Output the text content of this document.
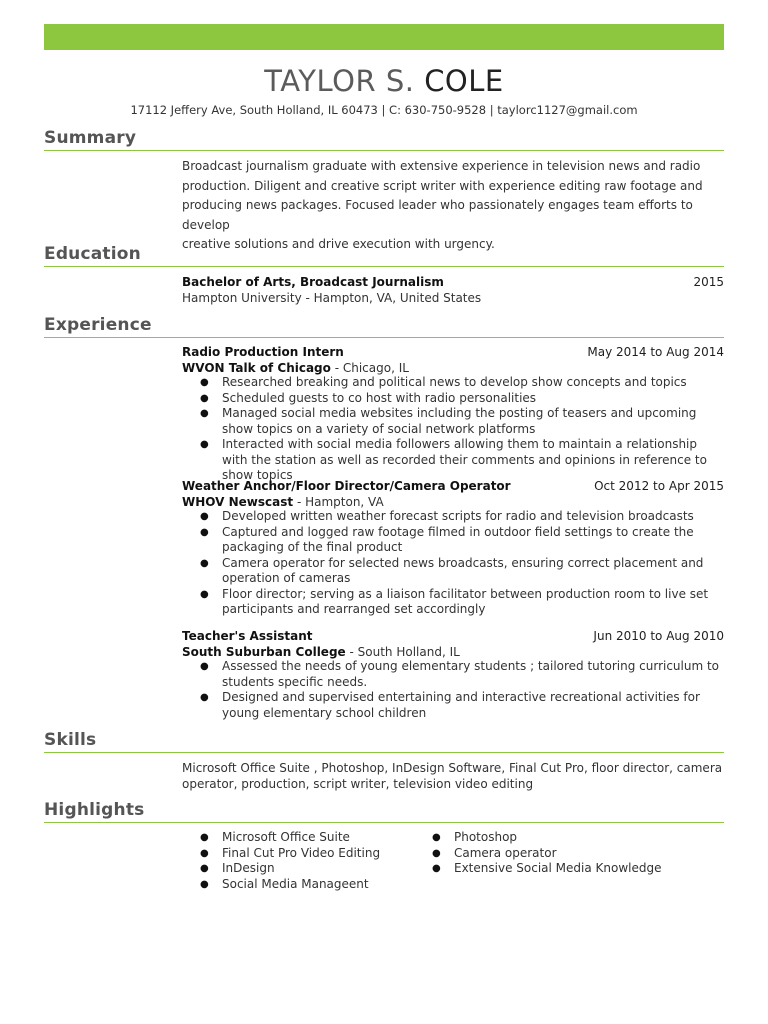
TAYLOR S. COLE
17112 Jeffery Ave, South Holland, IL 60473 | C: 630-750-9528 | taylorc1127@gmail.com
Summary
Broadcast journalism graduate with extensive experience in television news and radio
production. Diligent and creative script writer with experience editing raw footage and
producing news packages. Focused leader who passionately engages team efforts to develop
creative solutions and drive execution with urgency.
Education
Bachelor of Arts, Broadcast Journalism	2015
Hampton University - Hampton, VA, United States
Experience
Radio Production Intern	May 2014 to Aug 2014
WVON Talk of Chicago - Chicago, IL
● Researched breaking and political news to develop show concepts and topics
● Scheduled guests to co host with radio personalities
● Managed social media websites including the posting of teasers and upcoming show topics on a variety of social network platforms
● Interacted with social media followers allowing them to maintain a relationship with the station as well as recorded their comments and opinions in reference to show topics
Weather Anchor/Floor Director/Camera Operator	Oct 2012 to Apr 2015
WHOV Newscast - Hampton, VA
● Developed written weather forecast scripts for radio and television broadcasts
● Captured and logged raw footage filmed in outdoor field settings to create the packaging of the final product
● Camera operator for selected news broadcasts, ensuring correct placement and operation of cameras
● Floor director; serving as a liaison facilitator between production room to live set participants and rearranged set accordingly
Teacher's Assistant	Jun 2010 to Aug 2010
South Suburban College - South Holland, IL
● Assessed the needs of young elementary students ; tailored tutoring curriculum to students specific needs.
● Designed and supervised entertaining and interactive recreational activities for young elementary school children
Skills
Microsoft Office Suite , Photoshop, InDesign Software, Final Cut Pro, floor director, camera operator, production, script writer, television video editing
Highlights
● Microsoft Office Suite
● Final Cut Pro Video Editing
● InDesign
● Social Media Manageent
● Photoshop
● Camera operator
● Extensive Social Media Knowledge
